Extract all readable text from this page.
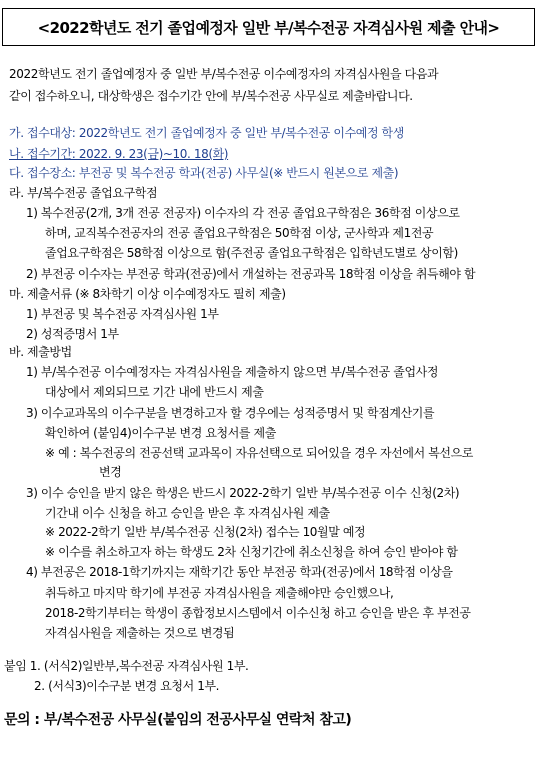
<2022학년도 전기 졸업예정자 일반 부/복수전공 자격심사원 제출 안내>
2022학년도 전기 졸업예정자 중 일반 부/복수전공 이수예정자의 자격심사원을 다음과
같이 접수하오니, 대상학생은 접수기간 안에 부/복수전공 사무실로 제출바랍니다.
가. 접수대상: 2022학년도 전기 졸업예정자 중 일반 부/복수전공 이수예정 학생
나. 접수기간: 2022. 9. 23(금)~10. 18(화)
다. 접수장소: 부전공 및 복수전공 학과(전공) 사무실(※ 반드시 원본으로 제출)
라. 부/복수전공 졸업요구학점
1) 복수전공(2개, 3개 전공 전공자) 이수자의 각 전공 졸업요구학점은 36학점 이상으로
하며, 교직복수전공자의 전공 졸업요구학점은 50학점 이상, 군사학과 제1전공
졸업요구학점은 58학점 이상으로 함(주전공 졸업요구학점은 입학년도별로 상이함)
2) 부전공 이수자는 부전공 학과(전공)에서 개설하는 전공과목 18학점 이상을 취득해야 함
마. 제출서류 (※ 8차학기 이상 이수예정자도 필히 제출)
1) 부전공 및 복수전공 자격심사원 1부
2) 성적증명서 1부
바. 제출방법
1) 부/복수전공 이수예정자는 자격심사원을 제출하지 않으면 부/복수전공 졸업사정
대상에서 제외되므로 기간 내에 반드시 제출
3) 이수교과목의 이수구분을 변경하고자 할 경우에는 성적증명서 및 학점계산기를
확인하여 (붙임4)이수구분 변경 요청서를 제출
※ 예 : 복수전공의 전공선택 교과목이 자유선택으로 되어있을 경우 자선에서 복선으로
변경
3) 이수 승인을 받지 않은 학생은 반드시 2022-2학기 일반 부/복수전공 이수 신청(2차)
기간내 이수 신청을 하고 승인을 받은 후 자격심사원 제출
※ 2022-2학기 일반 부/복수전공 신청(2차) 접수는 10월말 예정
※ 이수를 취소하고자 하는 학생도 2차 신청기간에 취소신청을 하여 승인 받아야 함
4) 부전공은 2018-1학기까지는 재학기간 동안 부전공 학과(전공)에서 18학점 이상을
취득하고 마지막 학기에 부전공 자격심사원을 제출해야만 승인했으나,
2018-2학기부터는 학생이 종합정보시스템에서 이수신청 하고 승인을 받은 후 부전공
자격심사원을 제출하는 것으로 변경됨
붙임 1. (서식2)일반부,복수전공 자격심사원 1부.
2. (서식3)이수구분 변경 요청서 1부.
문의 : 부/복수전공 사무실(붙임의 전공사무실 연락처 참고)
